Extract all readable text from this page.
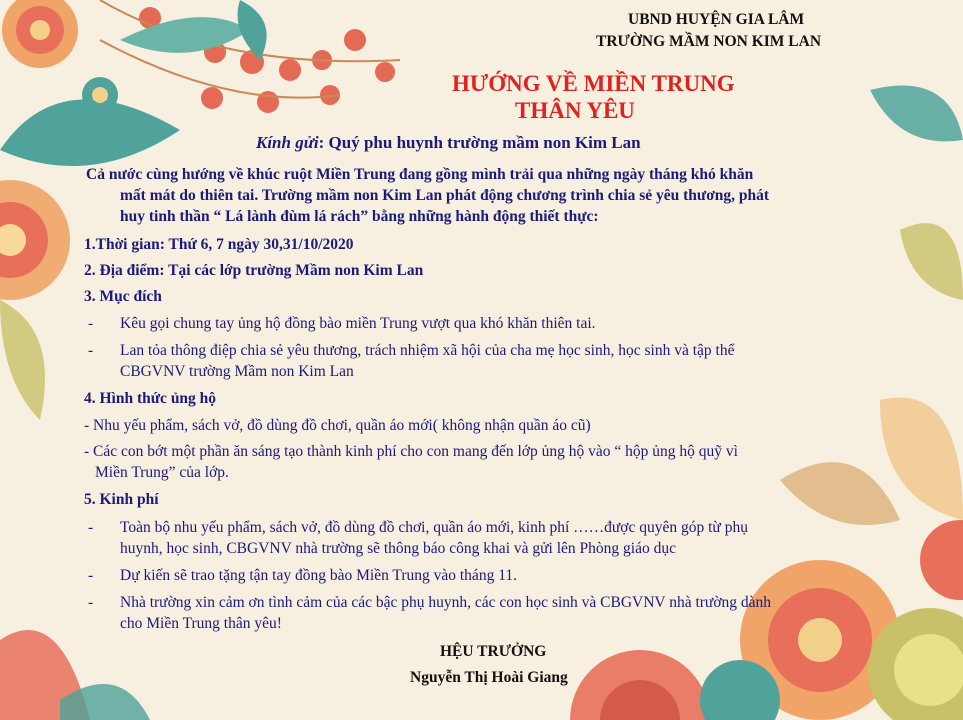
UBND HUYỆN GIA LÂM
TRƯỜNG MẦM NON KIM LAN
HƯỚNG VỀ MIỀN TRUNG
THÂN YÊU
Kính gửi: Quý phu huynh trường mầm non Kim Lan
Cả nước cùng hướng về khúc ruột Miền Trung đang gồng mình trải qua những ngày tháng khó khăn
mất mát do thiên tai. Trường mầm non Kim Lan phát động chương trình chia sẻ yêu thương, phát
huy tinh thần “ Lá lành đùm lá rách” bằng những hành động thiết thực:
1.Thời gian: Thứ 6, 7 ngày 30,31/10/2020
2. Địa điểm: Tại các lớp trường Mầm non Kim Lan
3. Mục đích
- Kêu gọi chung tay ủng hộ đồng bào miền Trung vượt qua khó khăn thiên tai.
- Lan tỏa thông điệp chia sẻ yêu thương, trách nhiệm xã hội của cha mẹ học sinh, học sinh và tập thể
CBGVNV trường Mầm non Kim Lan
4. Hình thức ủng hộ
- Nhu yếu phẩm, sách vở, đồ dùng đồ chơi, quần áo mới( không nhận quần áo cũ)
- Các con bớt một phần ăn sáng tạo thành kinh phí cho con mang đến lớp ủng hộ vào “ hộp ủng hộ quỹ vì
Miền Trung” của lớp.
5. Kinh phí
- Toàn bộ nhu yếu phẩm, sách vở, đồ dùng đồ chơi, quần áo mới, kinh phí ……được quyên góp từ phụ
huynh, học sinh, CBGVNV nhà trường sẽ thông báo công khai và gửi lên Phòng giáo dục
- Dự kiến sẽ trao tặng tận tay đồng bào Miền Trung vào tháng 11.
- Nhà trường xin cảm ơn tình cảm của các bậc phụ huynh, các con học sinh và CBGVNV nhà trường dành
cho Miền Trung thân yêu!
HỆU TRƯỞNG
Nguyễn Thị Hoài Giang
